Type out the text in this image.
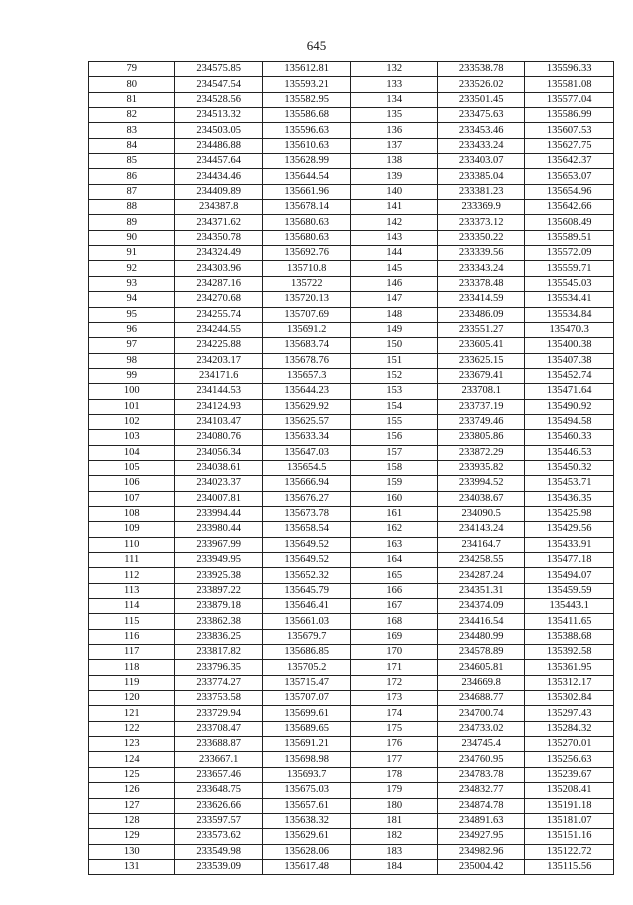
645
79	234575.85	135612.81	132	233538.78	135596.33
80	234547.54	135593.21	133	233526.02	135581.08
81	234528.56	135582.95	134	233501.45	135577.04
82	234513.32	135586.68	135	233475.63	135586.99
83	234503.05	135596.63	136	233453.46	135607.53
84	234486.88	135610.63	137	233433.24	135627.75
85	234457.64	135628.99	138	233403.07	135642.37
86	234434.46	135644.54	139	233385.04	135653.07
87	234409.89	135661.96	140	233381.23	135654.96
88	234387.8	135678.14	141	233369.9	135642.66
89	234371.62	135680.63	142	233373.12	135608.49
90	234350.78	135680.63	143	233350.22	135589.51
91	234324.49	135692.76	144	233339.56	135572.09
92	234303.96	135710.8	145	233343.24	135559.71
93	234287.16	135722	146	233378.48	135545.03
94	234270.68	135720.13	147	233414.59	135534.41
95	234255.74	135707.69	148	233486.09	135534.84
96	234244.55	135691.2	149	233551.27	135470.3
97	234225.88	135683.74	150	233605.41	135400.38
98	234203.17	135678.76	151	233625.15	135407.38
99	234171.6	135657.3	152	233679.41	135452.74
100	234144.53	135644.23	153	233708.1	135471.64
101	234124.93	135629.92	154	233737.19	135490.92
102	234103.47	135625.57	155	233749.46	135494.58
103	234080.76	135633.34	156	233805.86	135460.33
104	234056.34	135647.03	157	233872.29	135446.53
105	234038.61	135654.5	158	233935.82	135450.32
106	234023.37	135666.94	159	233994.52	135453.71
107	234007.81	135676.27	160	234038.67	135436.35
108	233994.44	135673.78	161	234090.5	135425.98
109	233980.44	135658.54	162	234143.24	135429.56
110	233967.99	135649.52	163	234164.7	135433.91
111	233949.95	135649.52	164	234258.55	135477.18
112	233925.38	135652.32	165	234287.24	135494.07
113	233897.22	135645.79	166	234351.31	135459.59
114	233879.18	135646.41	167	234374.09	135443.1
115	233862.38	135661.03	168	234416.54	135411.65
116	233836.25	135679.7	169	234480.99	135388.68
117	233817.82	135686.85	170	234578.89	135392.58
118	233796.35	135705.2	171	234605.81	135361.95
119	233774.27	135715.47	172	234669.8	135312.17
120	233753.58	135707.07	173	234688.77	135302.84
121	233729.94	135699.61	174	234700.74	135297.43
122	233708.47	135689.65	175	234733.02	135284.32
123	233688.87	135691.21	176	234745.4	135270.01
124	233667.1	135698.98	177	234760.95	135256.63
125	233657.46	135693.7	178	234783.78	135239.67
126	233648.75	135675.03	179	234832.77	135208.41
127	233626.66	135657.61	180	234874.78	135191.18
128	233597.57	135638.32	181	234891.63	135181.07
129	233573.62	135629.61	182	234927.95	135151.16
130	233549.98	135628.06	183	234982.96	135122.72
131	233539.09	135617.48	184	235004.42	135115.56
